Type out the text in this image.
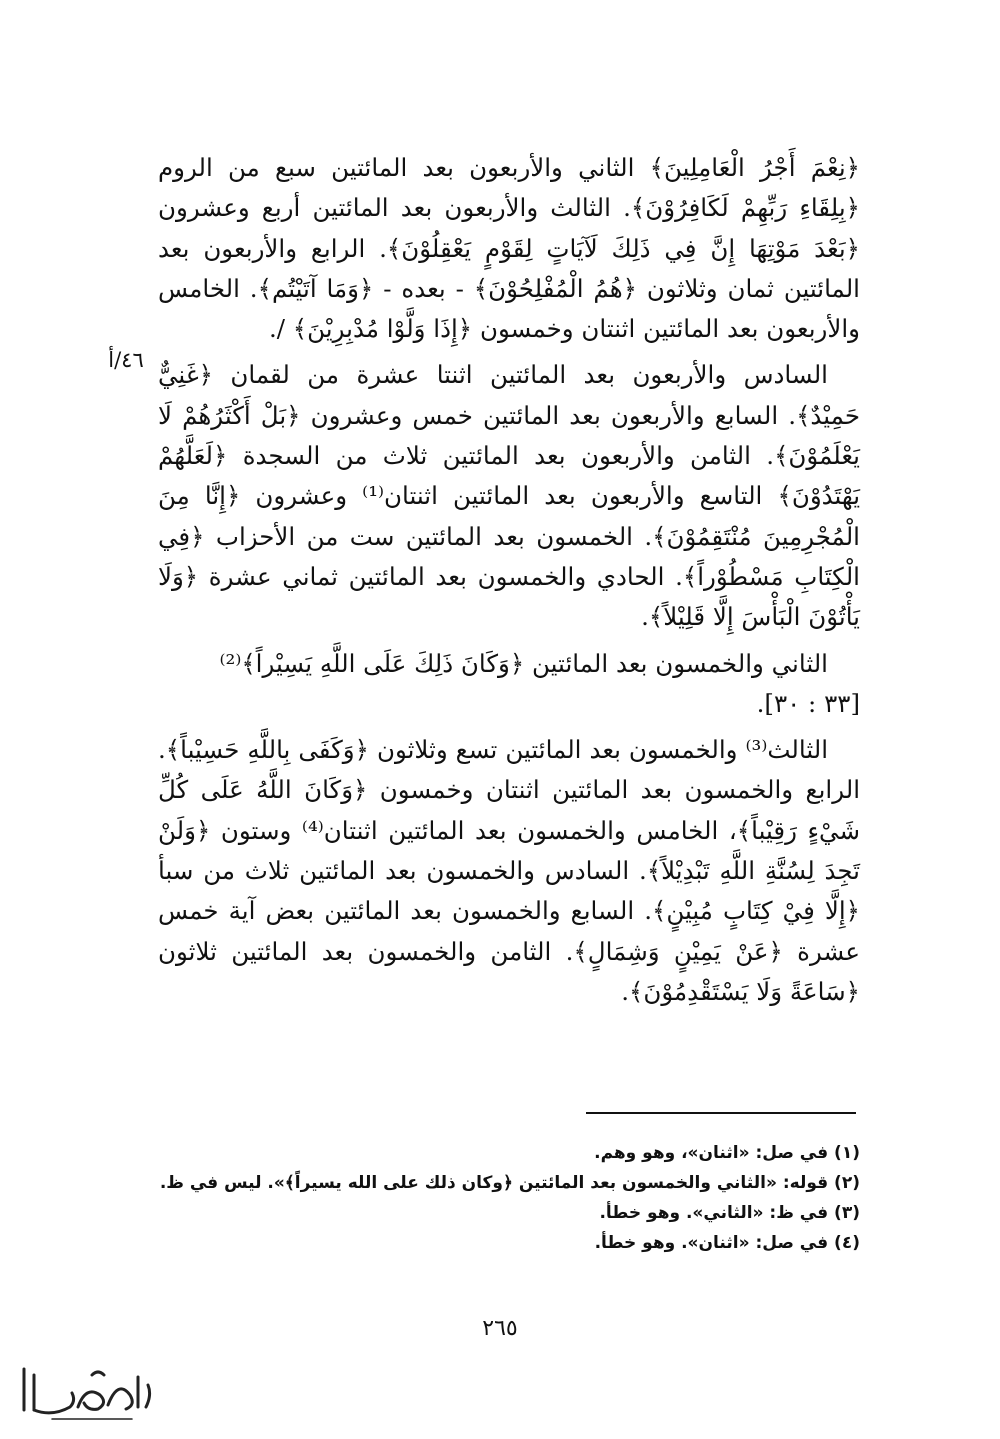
٤٦/أ

﴿نِعْمَ أَجْرُ الْعَامِلِينَ﴾ الثاني والأربعون بعد المائتين سبع من الروم ﴿بِلِقَاءِ رَبِّهِمْ لَكَافِرُوْنَ﴾. الثالث والأربعون بعد المائتين أربع وعشرون ﴿بَعْدَ مَوْتِهَا إِنَّ فِي ذَلِكَ لَآيَاتٍ لِقَوْمٍ يَعْقِلُوْنَ﴾. الرابع والأربعون بعد المائتين ثمان وثلاثون ﴿هُمُ الْمُفْلِحُوْنَ﴾ - بعده - ﴿وَمَا آتَيْتُم﴾. الخامس والأربعون بعد المائتين اثنتان وخمسون ﴿إِذَا وَلَّوْا مُدْبِرِيْنَ﴾ /.

السادس والأربعون بعد المائتين اثنتا عشرة من لقمان ﴿غَنِيٌّ حَمِيْدٌ﴾. السابع والأربعون بعد المائتين خمس وعشرون ﴿بَلْ أَكْثَرُهُمْ لَا يَعْلَمُوْنَ﴾. الثامن والأربعون بعد المائتين ثلاث من السجدة ﴿لَعَلَّهُمْ يَهْتَدُوْنَ﴾ التاسع والأربعون بعد المائتين اثنتان⁽¹⁾ وعشرون ﴿إِنَّا مِنَ الْمُجْرِمِينَ مُنْتَقِمُوْنَ﴾. الخمسون بعد المائتين ست من الأحزاب ﴿فِي الْكِتَابِ مَسْطُوْراً﴾. الحادي والخمسون بعد المائتين ثماني عشرة ﴿وَلَا يَأْتُوْنَ الْبَأْسَ إِلَّا قَلِيْلاً﴾.

الثاني والخمسون بعد المائتين ﴿وَكَانَ ذَلِكَ عَلَى اللَّهِ يَسِيْراً﴾⁽²⁾

[٣٣ : ٣٠].

الثالث⁽³⁾ والخمسون بعد المائتين تسع وثلاثون ﴿وَكَفَى بِاللَّهِ حَسِيْباً﴾. الرابع والخمسون بعد المائتين اثنتان وخمسون ﴿وَكَانَ اللَّهُ عَلَى كُلِّ شَيْءٍ رَقِيْباً﴾، الخامس والخمسون بعد المائتين اثنتان⁽⁴⁾ وستون ﴿وَلَنْ تَجِدَ لِسُنَّةِ اللَّهِ تَبْدِيْلاً﴾. السادس والخمسون بعد المائتين ثلاث من سبأ ﴿إِلَّا فِيْ كِتَابٍ مُبِيْنٍ﴾. السابع والخمسون بعد المائتين بعض آية خمس عشرة ﴿عَنْ يَمِيْنٍ وَشِمَالٍ﴾. الثامن والخمسون بعد المائتين ثلاثون ﴿سَاعَةً وَلَا يَسْتَقْدِمُوْنَ﴾.

(١) في صل: «اثنان»، وهو وهم.

(٢) قوله: «الثاني والخمسون بعد المائتين ﴿وكان ذلك على الله يسيراً﴾». ليس في ظ.

(٣) في ظ: «الثاني». وهو خطأ.

(٤) في صل: «اثنان». وهو خطأ.

٢٦٥
